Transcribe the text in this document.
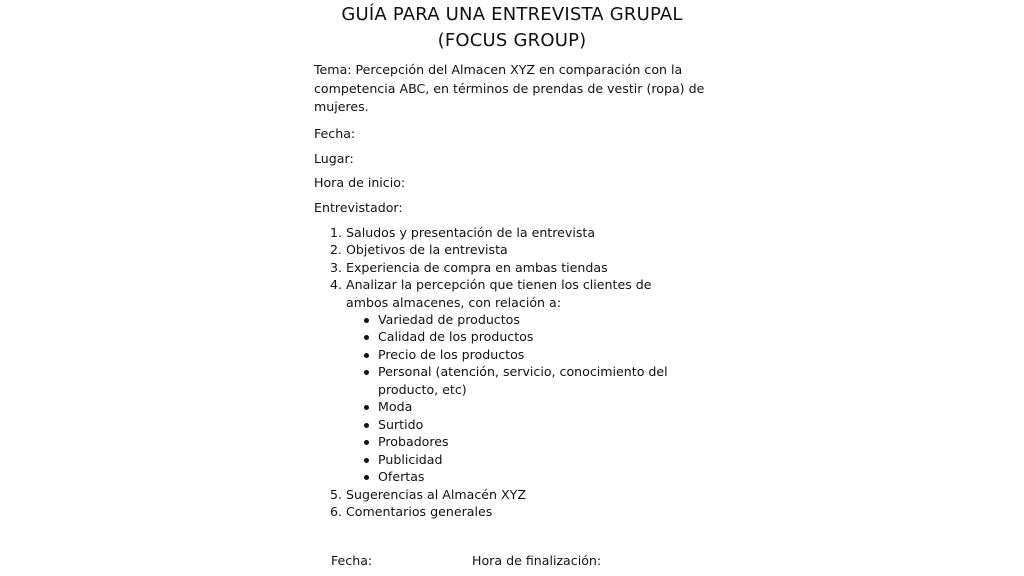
GUÍA PARA UNA ENTREVISTA GRUPAL
(FOCUS GROUP)
Tema: Percepción del Almacen XYZ en comparación con la competencia ABC, en términos de prendas de vestir (ropa) de mujeres.
Fecha:
Lugar:
Hora de inicio:
Entrevistador:
1. Saludos y presentación de la entrevista
2. Objetivos de la entrevista
3. Experiencia de compra en ambas tiendas
4. Analizar la percepción que tienen los clientes de ambos almacenes, con relación a:
Variedad de productos
Calidad de los productos
Precio de los productos
Personal (atención, servicio, conocimiento del producto, etc)
Moda
Surtido
Probadores
Publicidad
Ofertas
5. Sugerencias al Almacén XYZ
6. Comentarios generales
Fecha:	Hora de finalización:
